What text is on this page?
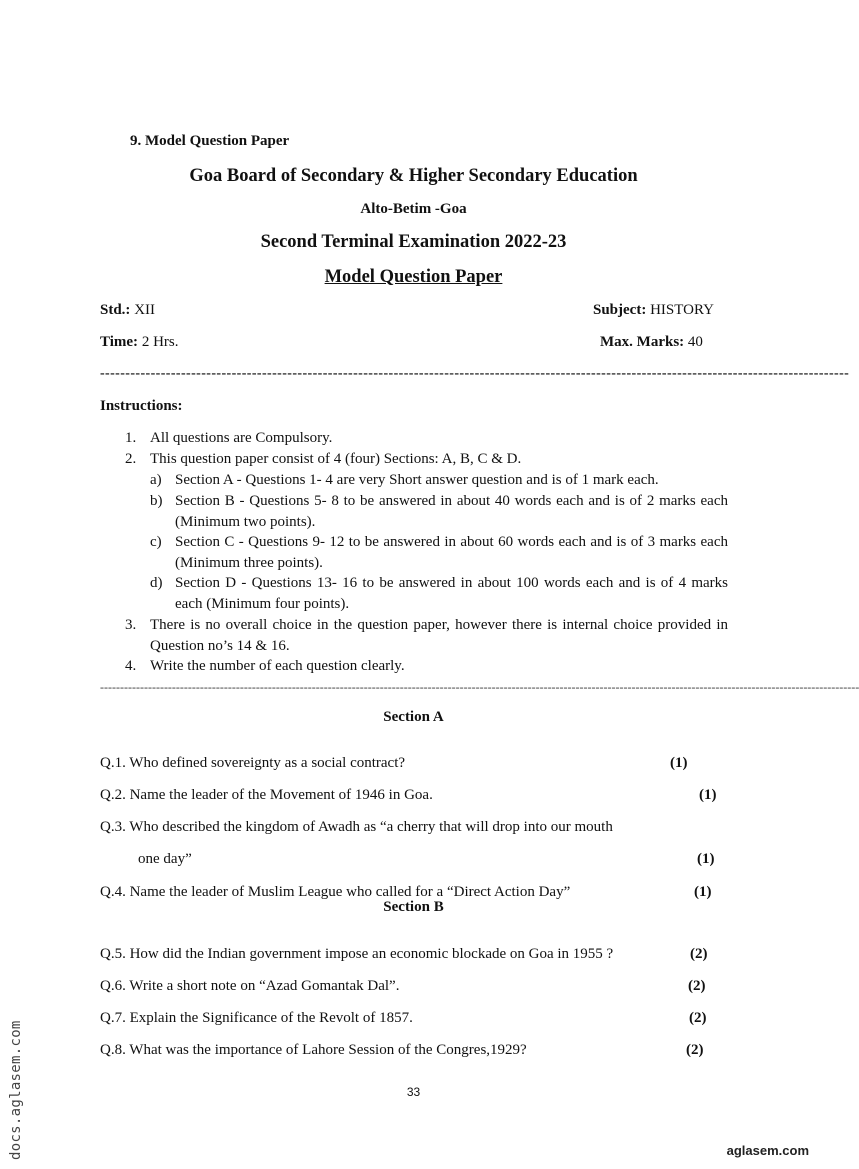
9. Model Question Paper

Goa Board of Secondary & Higher Secondary Education

Alto-Betim -Goa

Second Terminal Examination 2022-23

Model Question Paper

Std.: XII	Subject: HISTORY

Time: 2 Hrs.	Max. Marks: 40

----------------------------------------------------------------------------------------------------------------------------------------------------

Instructions:

1. All questions are Compulsory.
2. This question paper consist of 4 (four) Sections: A, B, C & D.
a) Section A - Questions 1- 4 are very Short answer question and is of 1 mark each.
b) Section B - Questions 5- 8 to be answered in about 40 words each and is of 2 marks each (Minimum two points).
c) Section C - Questions 9- 12 to be answered in about 60 words each and is of 3 marks each (Minimum three points).
d) Section D - Questions 13- 16 to be answered in about 100 words each and is of 4 marks each (Minimum four points).
3. There is no overall choice in the question paper, however there is internal choice provided in Question no’s 14 & 16.
4. Write the number of each question clearly.
----------------------------------------------------------------------------------------------------------------------------------------------------------------------------------------------

Section A

Q.1. Who defined sovereignty as a social contract?	(1)

Q.2. Name the leader of the Movement of 1946 in Goa.	(1)

Q.3. Who described the kingdom of Awadh as “a cherry that will drop into our mouth

one day”	(1)

Q.4. Name the leader of Muslim League who called for a “Direct Action Day”	(1)

Section B

Q.5. How did the Indian government impose an economic blockade on Goa in 1955 ?	(2)

Q.6. Write a short note on “Azad Gomantak Dal”.	(2)

Q.7. Explain the Significance of the Revolt of 1857.	(2)

Q.8. What was the importance of Lahore Session of the Congres,1929?	(2)

33
docs.aglasem.com	aglasem.com
